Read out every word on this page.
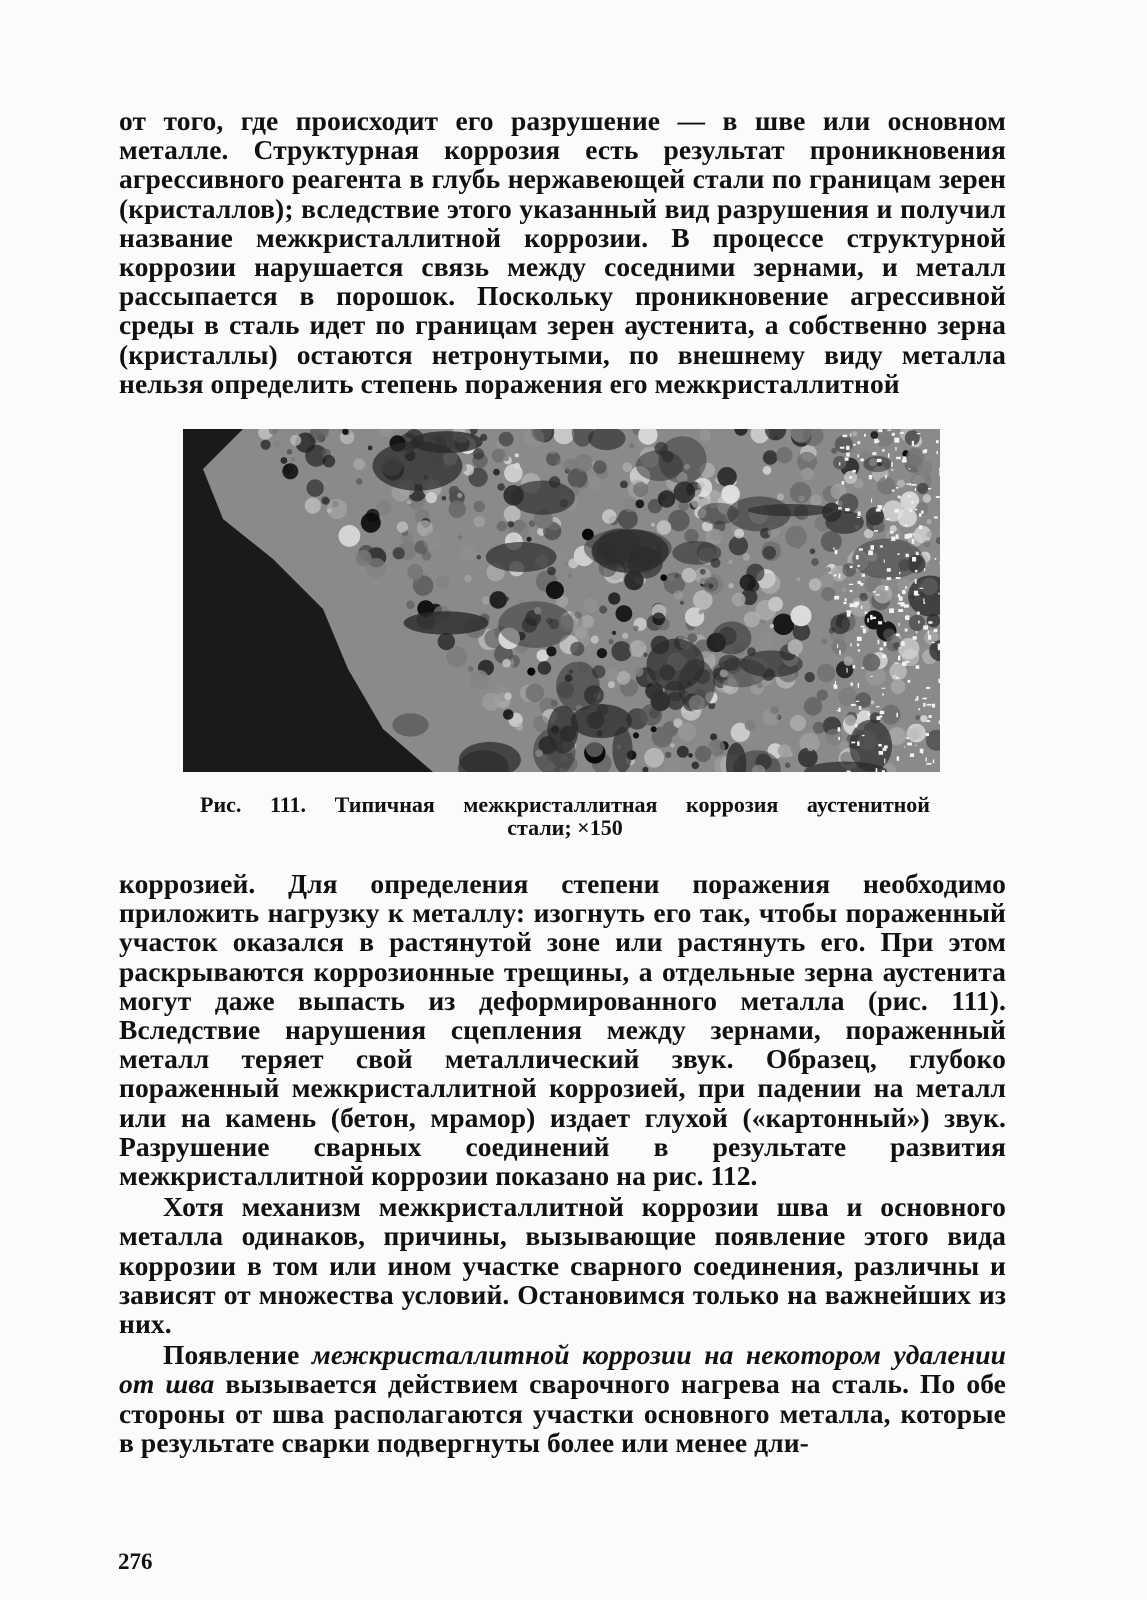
от того, где происходит его разрушение — в шве или основном металле. Структурная коррозия есть результат проникновения агрессивного реагента в глубь нержавеющей стали по границам зерен (кристаллов); вследствие этого указанный вид разрушения и получил название межкристаллитной коррозии. В процессе структурной коррозии нарушается связь между соседними зернами, и металл рассыпается в порошок. Поскольку проникновение агрессивной среды в сталь идет по границам зерен аустенита, а собственно зерна (кристаллы) остаются нетронутыми, по внешнему виду металла нельзя определить степень поражения его межкристаллитной

Рис. 111. Типичная межкристаллитная коррозия аустенитной
стали; ×150

коррозией. Для определения степени поражения необходимо приложить нагрузку к металлу: изогнуть его так, чтобы пораженный участок оказался в растянутой зоне или растянуть его. При этом раскрываются коррозионные трещины, а отдельные зерна аустенита могут даже выпасть из деформированного металла (рис. 111). Вследствие нарушения сцепления между зернами, пораженный металл теряет свой металлический звук. Образец, глубоко пораженный межкристаллитной коррозией, при падении на металл или на камень (бетон, мрамор) издает глухой («картонный») звук. Разрушение сварных соединений в результате развития межкристаллитной коррозии показано на рис. 112.

Хотя механизм межкристаллитной коррозии шва и основного металла одинаков, причины, вызывающие появление этого вида коррозии в том или ином участке сварного соединения, различны и зависят от множества условий. Остановимся только на важнейших из них.

Появление межкристаллитной коррозии на некотором удалении от шва вызывается действием сварочного нагрева на сталь. По обе стороны от шва располагаются участки основного металла, которые в результате сварки подвергнуты более или менее дли-

276
